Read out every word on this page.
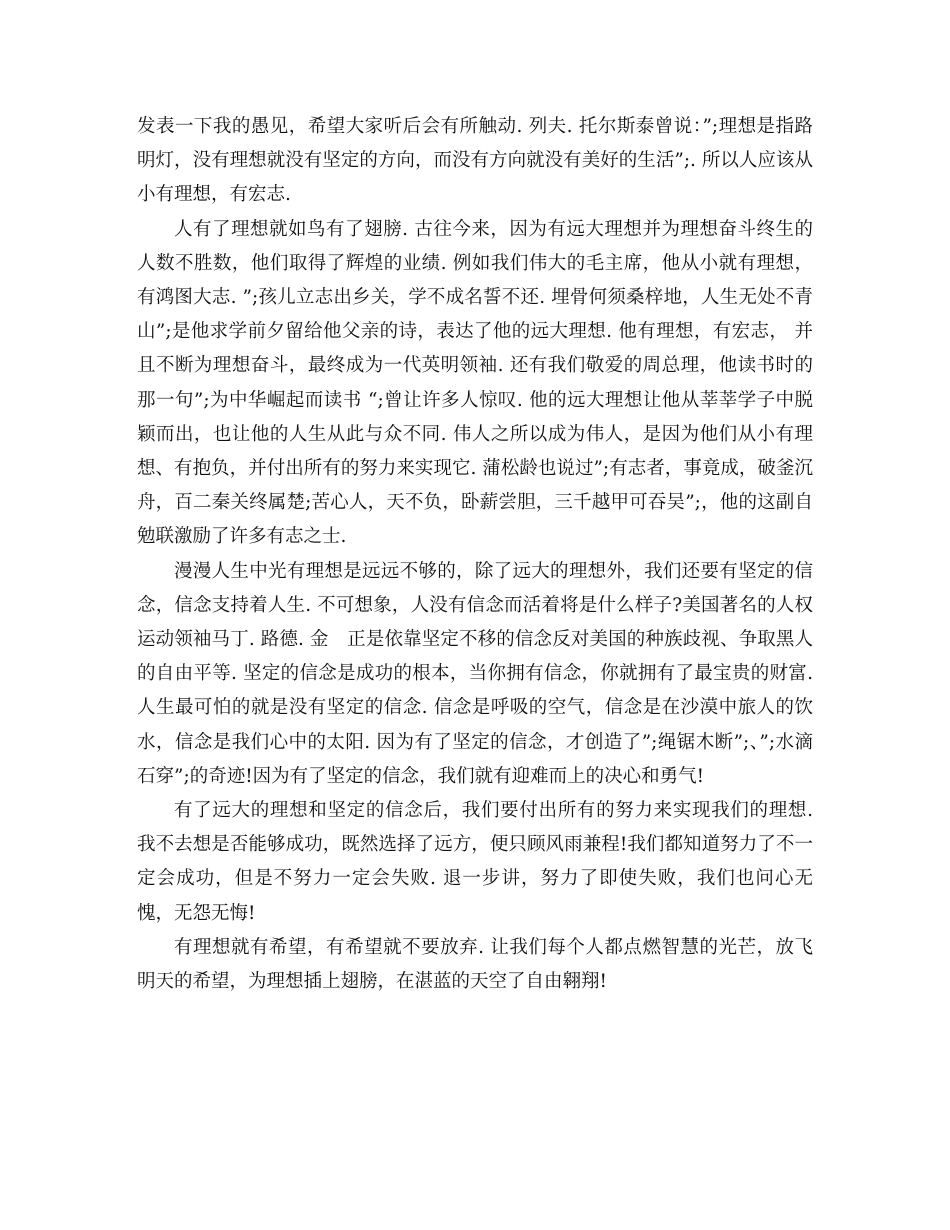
发表一下我的愚见，希望大家听后会有所触动. 列夫. 托尔斯泰曾说：”;理想是指路明灯，没有理想就没有坚定的方向，而没有方向就没有美好的生活”;. 所以人应该从小有理想，有宏志.

人有了理想就如鸟有了翅膀. 古往今来，因为有远大理想并为理想奋斗终生的人数不胜数，他们取得了辉煌的业绩. 例如我们伟大的毛主席，他从小就有理想， 有鸿图大志. ”;孩儿立志出乡关，学不成名誓不还. 埋骨何须桑梓地，人生无处不青山”;是他求学前夕留给他父亲的诗，表达了他的远大理想. 他有理想，有宏志， 并且不断为理想奋斗，最终成为一代英明领袖. 还有我们敬爱的周总理，他读书时的那一句”;为中华崛起而读书 “;曾让许多人惊叹. 他的远大理想让他从莘莘学子中脱颖而出，也让他的人生从此与众不同. 伟人之所以成为伟人，是因为他们从小有理想、有抱负，并付出所有的努力来实现它. 蒲松龄也说过”;有志者，事竟成，破釜沉舟，百二秦关终属楚;苦心人，天不负，卧薪尝胆，三千越甲可吞吴”;，他的这副自勉联激励了许多有志之士.

漫漫人生中光有理想是远远不够的，除了远大的理想外，我们还要有坚定的信念，信念支持着人生. 不可想象，人没有信念而活着将是什么样子?美国著名的人权运动领袖马丁. 路德. 金　正是依靠坚定不移的信念反对美国的种族歧视、争取黑人的自由平等. 坚定的信念是成功的根本，当你拥有信念，你就拥有了最宝贵的财富. 人生最可怕的就是没有坚定的信念. 信念是呼吸的空气，信念是在沙漠中旅人的饮水，信念是我们心中的太阳. 因为有了坚定的信念，才创造了”;绳锯木断”;、”;水滴石穿”;的奇迹!因为有了坚定的信念，我们就有迎难而上的决心和勇气!

有了远大的理想和坚定的信念后，我们要付出所有的努力来实现我们的理想. 我不去想是否能够成功，既然选择了远方，便只顾风雨兼程!我们都知道努力了不一定会成功，但是不努力一定会失败. 退一步讲，努力了即使失败，我们也问心无愧，无怨无悔!

有理想就有希望，有希望就不要放弃. 让我们每个人都点燃智慧的光芒，放飞明天的希望，为理想插上翅膀，在湛蓝的天空了自由翱翔!
